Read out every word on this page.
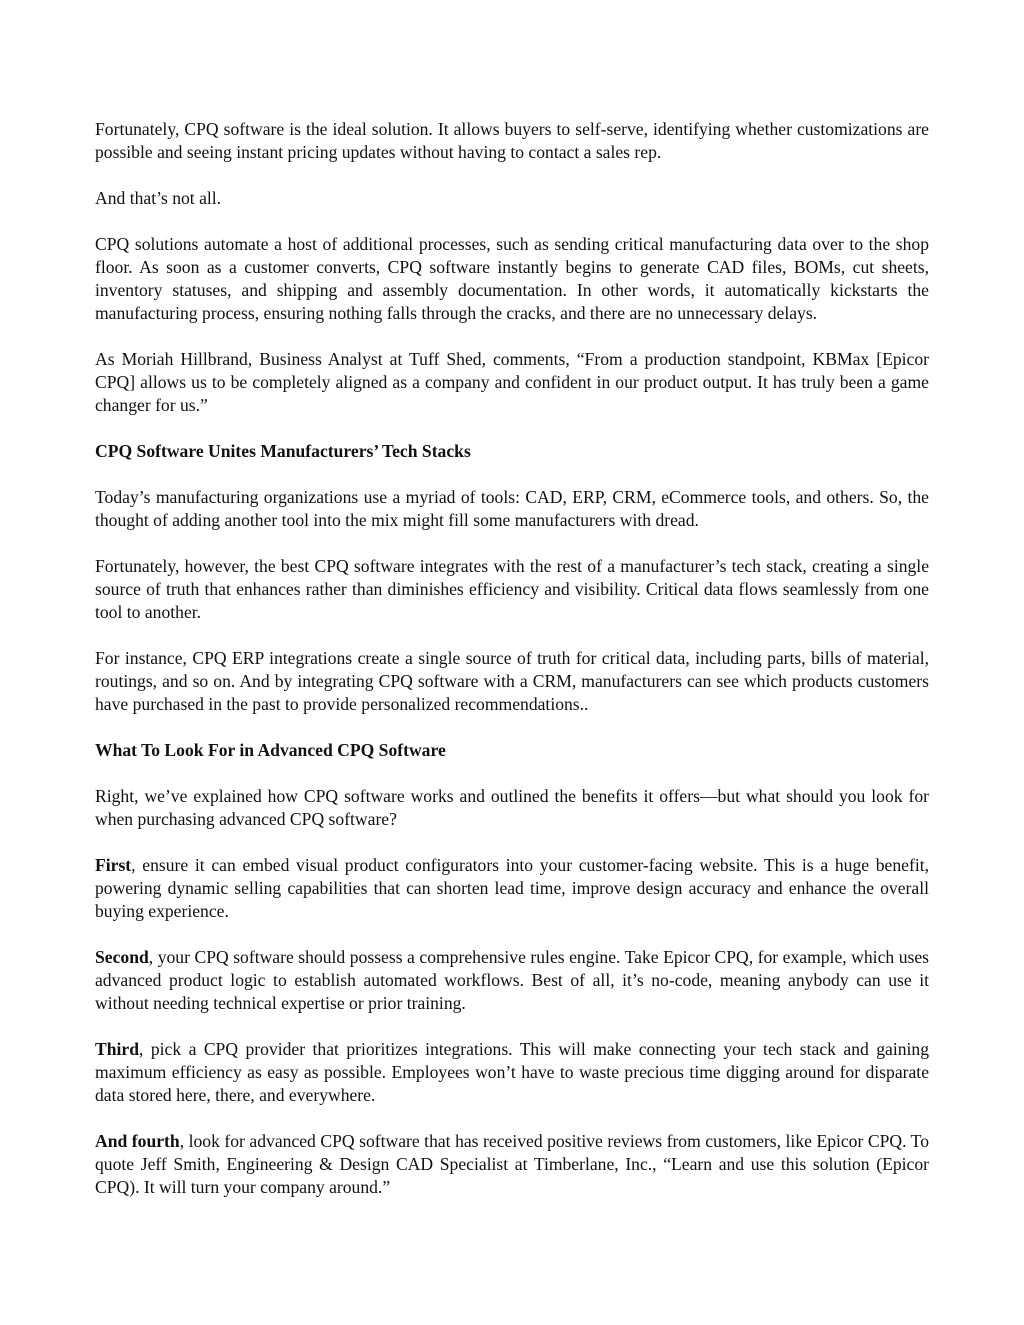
Fortunately, CPQ software is the ideal solution. It allows buyers to self-serve, identifying whether customizations are possible and seeing instant pricing updates without having to contact a sales rep.

And that’s not all.

CPQ solutions automate a host of additional processes, such as sending critical manufacturing data over to the shop floor. As soon as a customer converts, CPQ software instantly begins to generate CAD files, BOMs, cut sheets, inventory statuses, and shipping and assembly documentation. In other words, it automatically kickstarts the manufacturing process, ensuring nothing falls through the cracks, and there are no unnecessary delays.

As Moriah Hillbrand, Business Analyst at Tuff Shed, comments, “From a production standpoint, KBMax [Epicor CPQ] allows us to be completely aligned as a company and confident in our product output. It has truly been a game changer for us.”

CPQ Software Unites Manufacturers’ Tech Stacks

Today’s manufacturing organizations use a myriad of tools: CAD, ERP, CRM, eCommerce tools, and others. So, the thought of adding another tool into the mix might fill some manufacturers with dread.

Fortunately, however, the best CPQ software integrates with the rest of a manufacturer’s tech stack, creating a single source of truth that enhances rather than diminishes efficiency and visibility. Critical data flows seamlessly from one tool to another.

For instance, CPQ ERP integrations create a single source of truth for critical data, including parts, bills of material, routings, and so on. And by integrating CPQ software with a CRM, manufacturers can see which products customers have purchased in the past to provide personalized recommendations..

What To Look For in Advanced CPQ Software

Right, we’ve explained how CPQ software works and outlined the benefits it offers—but what should you look for when purchasing advanced CPQ software?

First, ensure it can embed visual product configurators into your customer-facing website. This is a huge benefit, powering dynamic selling capabilities that can shorten lead time, improve design accuracy and enhance the overall buying experience.

Second, your CPQ software should possess a comprehensive rules engine. Take Epicor CPQ, for example, which uses advanced product logic to establish automated workflows. Best of all, it’s no-code, meaning anybody can use it without needing technical expertise or prior training.

Third, pick a CPQ provider that prioritizes integrations. This will make connecting your tech stack and gaining maximum efficiency as easy as possible. Employees won’t have to waste precious time digging around for disparate data stored here, there, and everywhere.

And fourth, look for advanced CPQ software that has received positive reviews from customers, like Epicor CPQ. To quote Jeff Smith, Engineering & Design CAD Specialist at Timberlane, Inc., “Learn and use this solution (Epicor CPQ). It will turn your company around.”
